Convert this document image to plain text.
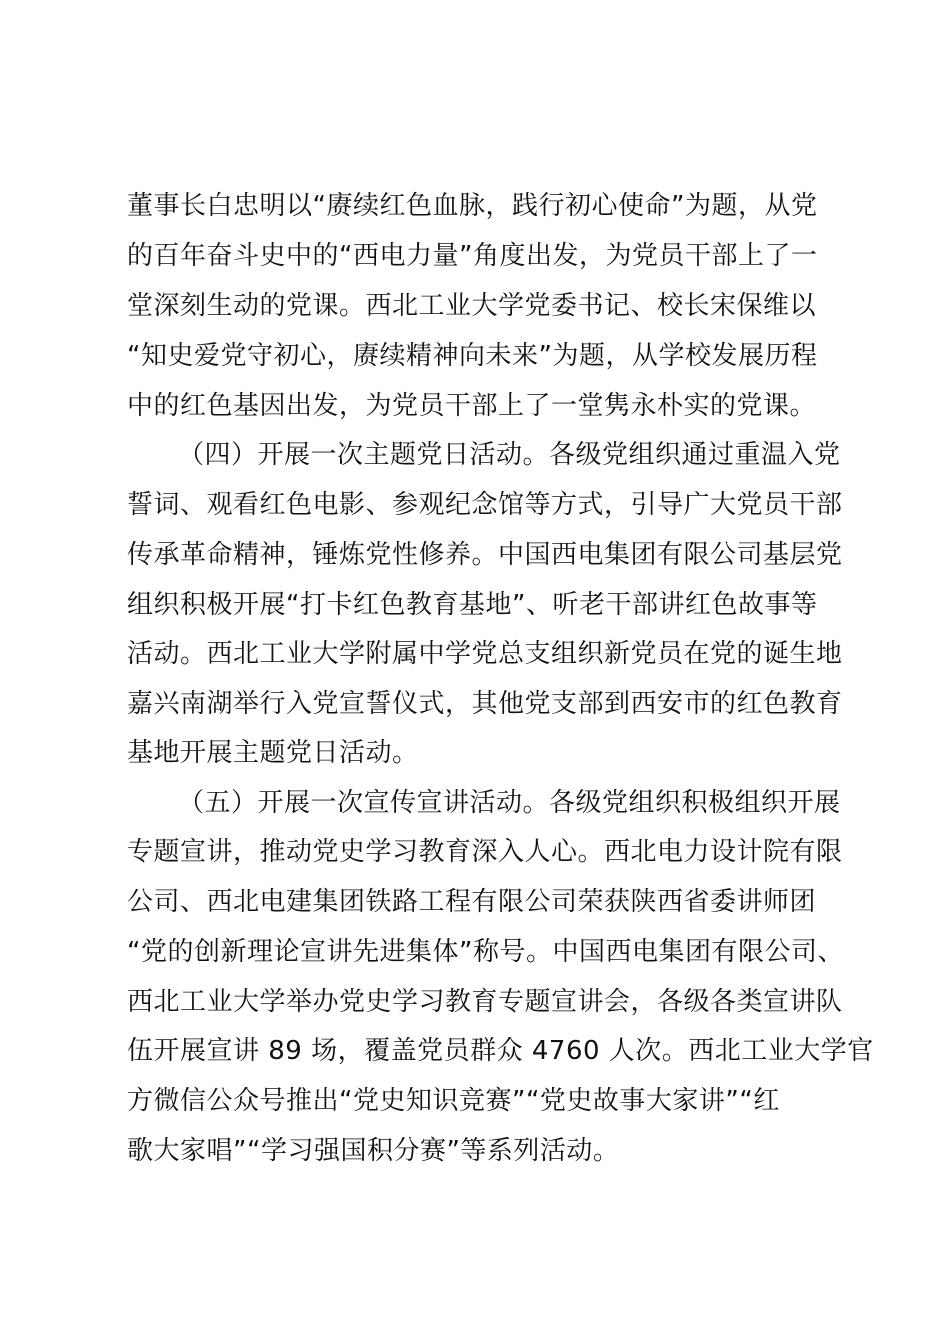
董事长白忠明以“赓续红色血脉，践行初心使命”为题，从党
的百年奋斗史中的“西电力量”角度出发，为党员干部上了一
堂深刻生动的党课。西北工业大学党委书记、校长宋保维以
“知史爱党守初心，赓续精神向未来”为题，从学校发展历程
中的红色基因出发，为党员干部上了一堂隽永朴实的党课。
（四）开展一次主题党日活动。各级党组织通过重温入党
誓词、观看红色电影、参观纪念馆等方式，引导广大党员干部
传承革命精神，锤炼党性修养。中国西电集团有限公司基层党
组织积极开展“打卡红色教育基地”、听老干部讲红色故事等
活动。西北工业大学附属中学党总支组织新党员在党的诞生地
嘉兴南湖举行入党宣誓仪式，其他党支部到西安市的红色教育
基地开展主题党日活动。
（五）开展一次宣传宣讲活动。各级党组织积极组织开展
专题宣讲，推动党史学习教育深入人心。西北电力设计院有限
公司、西北电建集团铁路工程有限公司荣获陕西省委讲师团
“党的创新理论宣讲先进集体”称号。中国西电集团有限公司、
西北工业大学举办党史学习教育专题宣讲会，各级各类宣讲队
伍开展宣讲 89 场，覆盖党员群众 4760 人次。西北工业大学官
方微信公众号推出“党史知识竞赛”“党史故事大家讲”“红
歌大家唱”“学习强国积分赛”等系列活动。
